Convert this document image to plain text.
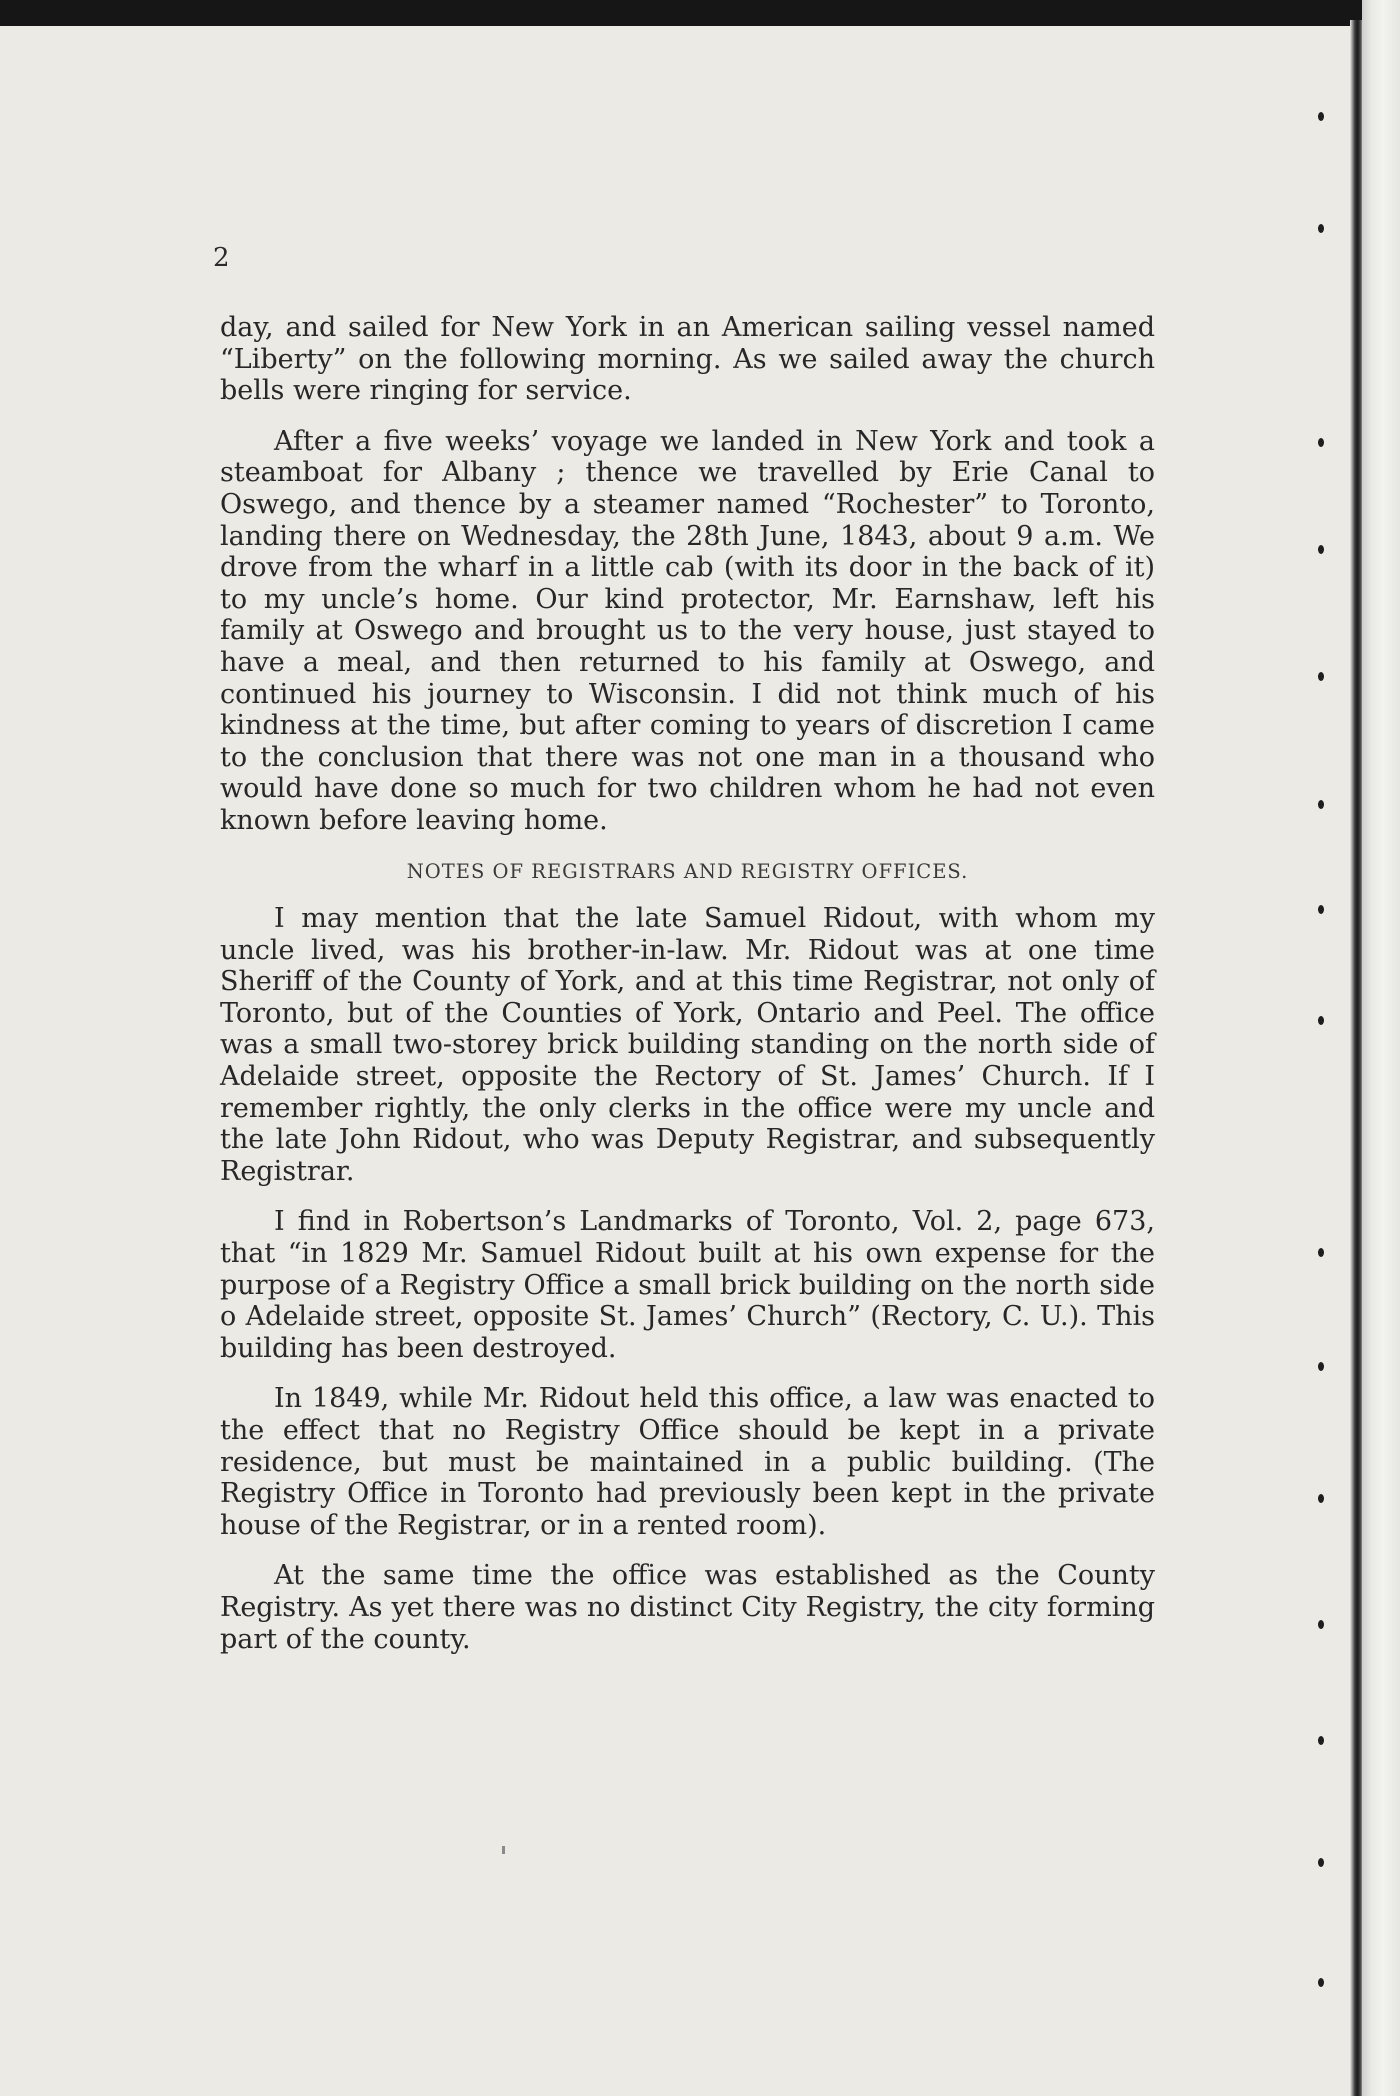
2

day, and sailed for New York in an American sailing vessel named “Liberty” on the following morning. As we sailed away the church bells were ringing for service.

After a five weeks’ voyage we landed in New York and took a steamboat for Albany ; thence we travelled by Erie Canal to Oswego, and thence by a steamer named “Rochester” to Toronto, landing there on Wednesday, the 28th June, 1843, about 9 a.m. We drove from the wharf in a little cab (with its door in the back of it) to my uncle’s home. Our kind protector, Mr. Earnshaw, left his family at Oswego and brought us to the very house, just stayed to have a meal, and then returned to his family at Oswego, and continued his journey to Wisconsin. I did not think much of his kindness at the time, but after coming to years of discretion I came to the conclusion that there was not one man in a thousand who would have done so much for two children whom he had not even known before leaving home.

NOTES OF REGISTRARS AND REGISTRY OFFICES.

I may mention that the late Samuel Ridout, with whom my uncle lived, was his brother-in-law. Mr. Ridout was at one time Sheriff of the County of York, and at this time Registrar, not only of Toronto, but of the Counties of York, Ontario and Peel. The office was a small two-storey brick building standing on the north side of Adelaide street, opposite the Rectory of St. James’ Church. If I remember rightly, the only clerks in the office were my uncle and the late John Ridout, who was Deputy Registrar, and subsequently Registrar.

I find in Robertson’s Landmarks of Toronto, Vol. 2, page 673, that “in 1829 Mr. Samuel Ridout built at his own expense for the purpose of a Registry Office a small brick building on the north side o Adelaide street, opposite St. James’ Church” (Rectory, C. U.). This building has been destroyed.

In 1849, while Mr. Ridout held this office, a law was enacted to the effect that no Registry Office should be kept in a private residence, but must be maintained in a public building. (The Registry Office in Toronto had previously been kept in the private house of the Registrar, or in a rented room).

At the same time the office was established as the County Registry. As yet there was no distinct City Registry, the city forming part of the county.
